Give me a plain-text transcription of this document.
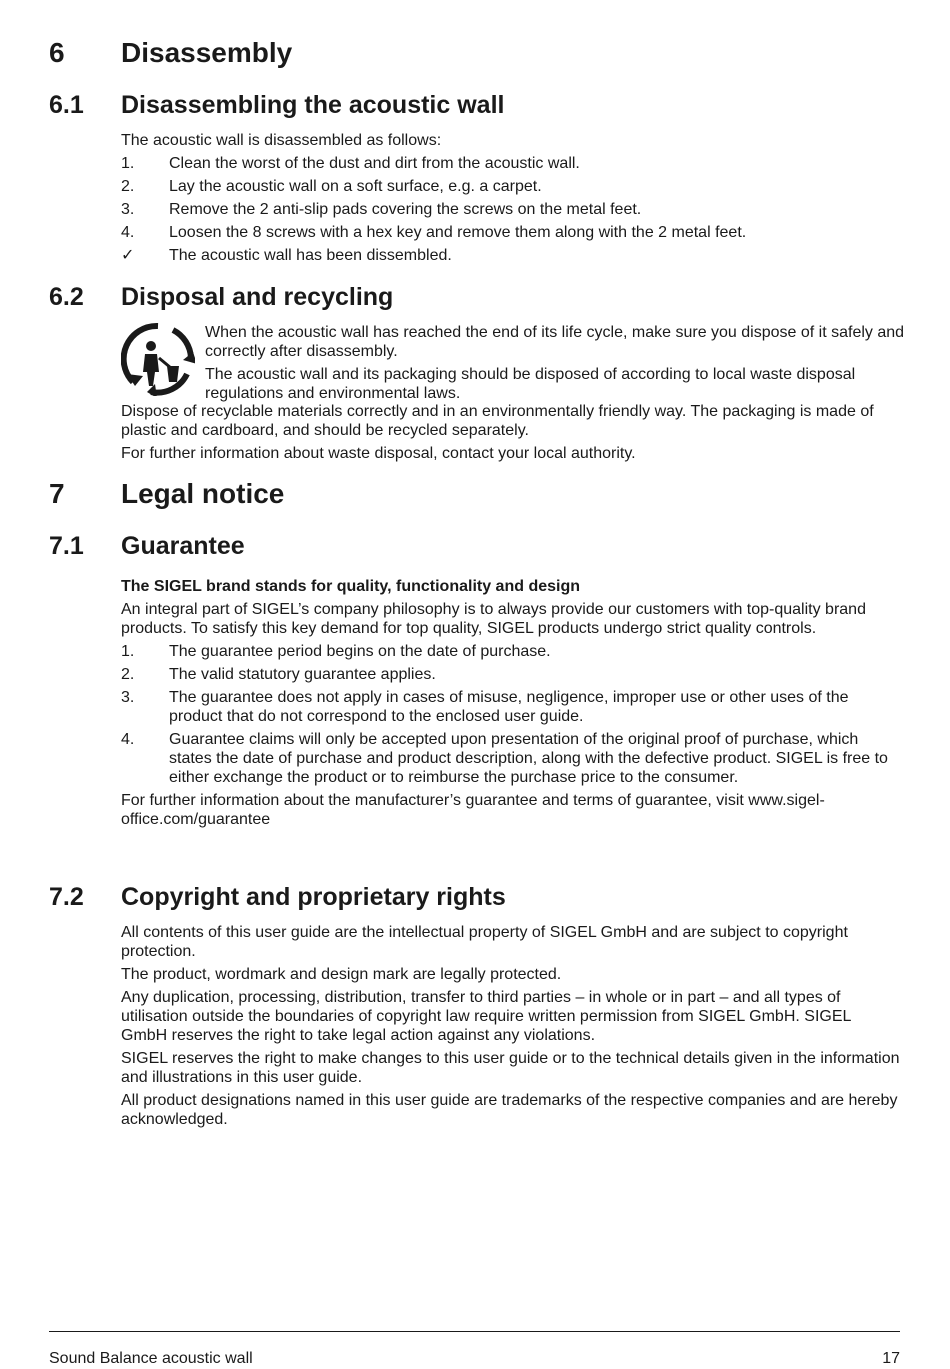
6 Disassembly
6.1 Disassembling the acoustic wall

The acoustic wall is disassembled as follows:

1. Clean the worst of the dust and dirt from the acoustic wall.
2. Lay the acoustic wall on a soft surface, e.g. a carpet.
3. Remove the 2 anti-slip pads covering the screws on the metal feet.
4. Loosen the 8 screws with a hex key and remove them along with the 2 metal feet.
✓ The acoustic wall has been dissembled.
6.2 Disposal and recycling

When the acoustic wall has reached the end of its life cycle, make sure you dispose of it safely and correctly after disassembly.

The acoustic wall and its packaging should be disposed of according to local waste disposal regulations and environmental laws.

Dispose of recyclable materials correctly and in an environmentally friendly way. The packaging is made of plastic and cardboard, and should be recycled separately.

For further information about waste disposal, contact your local authority.

7 Legal notice
7.1 Guarantee

The SIGEL brand stands for quality, functionality and design

An integral part of SIGEL’s company philosophy is to always provide our customers with top-quality brand products. To satisfy this key demand for top quality, SIGEL products undergo strict quality controls.

1. The guarantee period begins on the date of purchase.
2. The valid statutory guarantee applies.
3. The guarantee does not apply in cases of misuse, negligence, improper use or other uses of the product that do not correspond to the enclosed user guide.
4. Guarantee claims will only be accepted upon presentation of the original proof of purchase, which states the date of purchase and product description, along with the defective product. SIGEL is free to either exchange the product or to reimburse the purchase price to the consumer.

For further information about the manufacturer’s guarantee and terms of guarantee, visit www.sigel-office.com/guarantee

7.2 Copyright and proprietary rights

All contents of this user guide are the intellectual property of SIGEL GmbH and are subject to copyright protection.

The product, wordmark and design mark are legally protected.

Any duplication, processing, distribution, transfer to third parties – in whole or in part – and all types of utilisation outside the boundaries of copyright law require written permission from SIGEL GmbH. SIGEL GmbH reserves the right to take legal action against any violations.

SIGEL reserves the right to make changes to this user guide or to the technical details given in the information and illustrations in this user guide.

All product designations named in this user guide are trademarks of the respective companies and are hereby acknowledged.

Sound Balance acoustic wall	17
